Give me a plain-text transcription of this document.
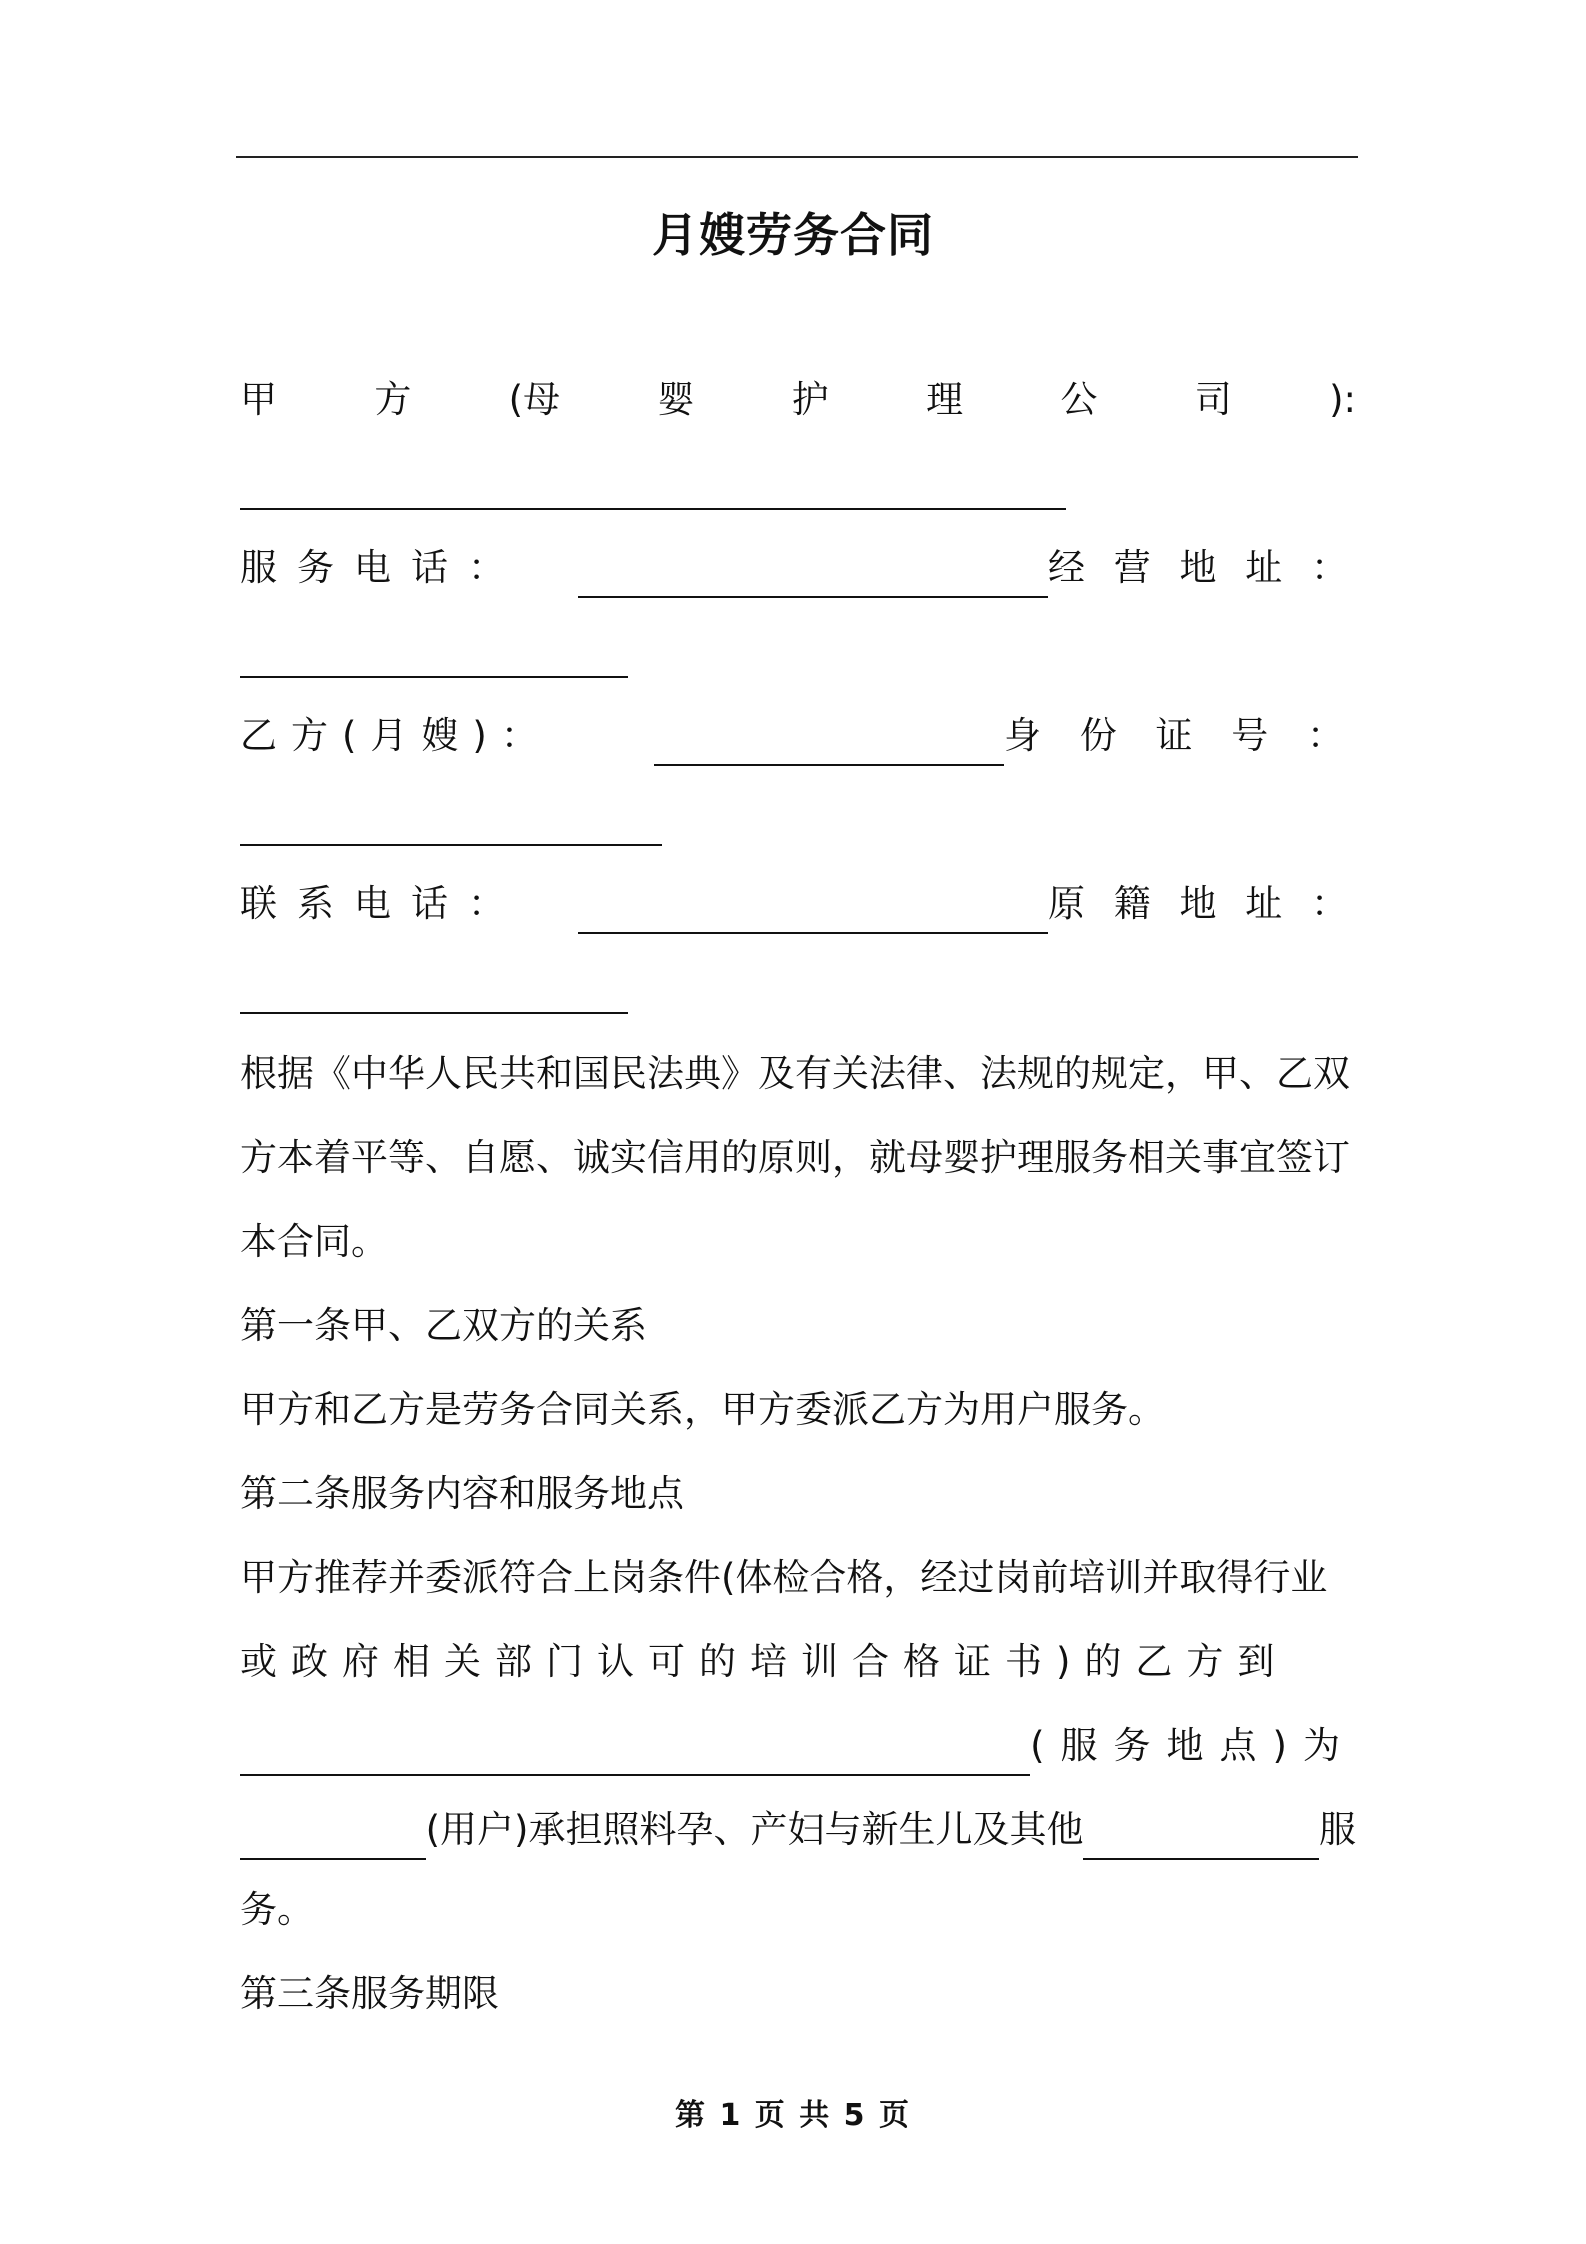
月嫂劳务合同
甲	方	(母	婴	护	理	公	司	):
服务电话：	经营地址：
乙方(月嫂)：	身份证号：
联系电话：	原籍地址：
根据《中华人民共和国民法典》及有关法律、法规的规定，甲、乙双
方本着平等、自愿、诚实信用的原则，就母婴护理服务相关事宜签订
本合同。
第一条甲、乙双方的关系
甲方和乙方是劳务合同关系，甲方委派乙方为用户服务。
第二条服务内容和服务地点
甲方推荐并委派符合上岗条件(体检合格，经过岗前培训并取得行业
或政府相关部门认可的培训合格证书)的乙方到
(服务地点)为
(用户)承担照料孕、产妇与新生儿及其他	服
务。
第三条服务期限
第 1 页 共 5 页
